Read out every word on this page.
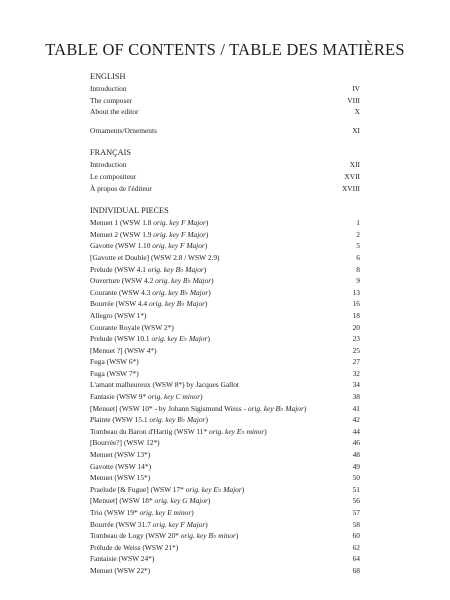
TABLE OF CONTENTS / TABLE DES MATIÈRES
ENGLISH
Introduction	IV
The composer	VIII
About the editor	X
Ornaments/Ornements	XI
FRANÇAIS
Introduction	XII
Le compositeur	XVII
À propos de l'éditeur	XVIII
INDIVIDUAL PIECES
Menuet 1 (WSW 1.8 orig. key F Major)	1
Menuet 2 (WSW 1.9 orig. key F Major)	2
Gavotte (WSW 1.10 orig. key F Major)	5
[Gavotte et Double] (WSW 2.8 / WSW 2.9)	6
Prelude (WSW 4.1 orig. key B♭ Major)	8
Ouverture (WSW 4.2 orig. key B♭ Major)	9
Courante (WSW 4.3 orig. key B♭ Major)	13
Bourrée (WSW 4.4 orig. key B♭ Major)	16
Allegro (WSW 1*)	18
Courante Royale (WSW 2*)	20
Prelude (WSW 10.1 orig. key E♭ Major)	23
[Menuet ?] (WSW 4*)	25
Fuga (WSW 6*)	27
Fuga (WSW 7*)	32
L'amant malheureux (WSW 8*) by Jacques Gallot	34
Fantasie (WSW 9* orig. key C minor)	38
[Menuet] (WSW 10* - by Johann Sigismund Weiss - orig. key B♭ Major)	41
Plainte (WSW 15.1 orig. key B♭ Major)	42
Tombeau du Baron d'Hartig (WSW 11* orig. key E♭ minor)	44
[Bourrée?] (WSW 12*)	46
Menuet (WSW 13*)	48
Gavotte (WSW 14*)	49
Menuet (WSW 15*)	50
Praelude [& Fugue] (WSW 17* orig. key E♭ Major)	51
[Menuet] (WSW 18* orig. key G Major)	56
Trio (WSW 19* orig. key E minor)	57
Bourrée (WSW 31.7 orig. key F Major)	58
Tombeau de Logy (WSW 20* orig. key B♭ minor)	60
Prélude de Weiss (WSW 21*)	62
Fantaisie (WSW 24*)	64
Menuet (WSW 22*)	68
